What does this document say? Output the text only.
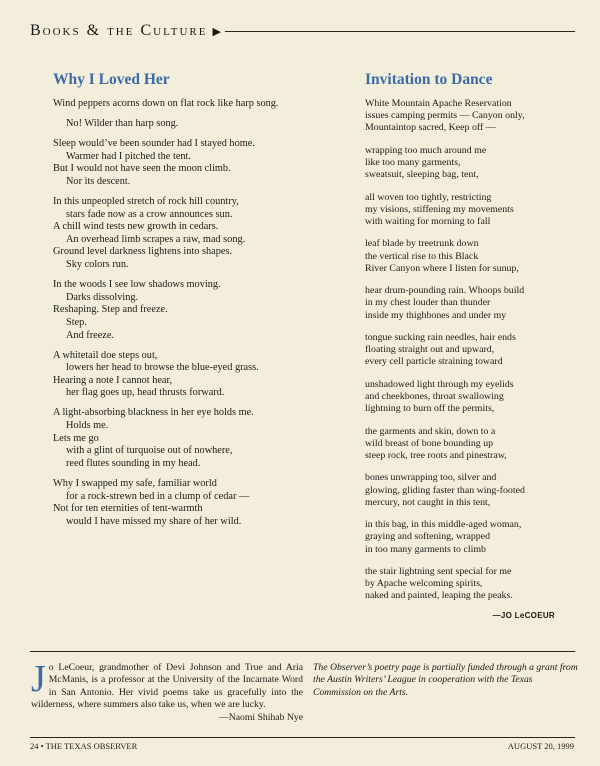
Books & the Culture ▶
Why I Loved Her
Wind peppers acorns down on flat rock like harp song.
No! Wilder than harp song.
Sleep would’ve been sounder had I stayed home.
Warmer had I pitched the tent.
But I would not have seen the moon climb.
Nor its descent.
In this unpeopled stretch of rock hill country,
stars fade now as a crow announces sun.
A chill wind tests new growth in cedars.
An overhead limb scrapes a raw, mad song.
Ground level darkness lightens into shapes.
Sky colors run.
In the woods I see low shadows moving.
Darks dissolving.
Reshaping. Step and freeze.
Step.
And freeze.
A whitetail doe steps out,
lowers her head to browse the blue-eyed grass.
Hearing a note I cannot hear,
her flag goes up, head thrusts forward.
A light-absorbing blackness in her eye holds me.
Holds me.
Lets me go
with a glint of turquoise out of nowhere,
reed flutes sounding in my head.
Why I swapped my safe, familiar world
for a rock-strewn bed in a clump of cedar —
Not for ten eternities of tent-warmth
would I have missed my share of her wild.
Invitation to Dance
White Mountain Apache Reservation
issues camping permits — Canyon only,
Mountaintop sacred, Keep off —
wrapping too much around me
like too many garments,
sweatsuit, sleeping bag, tent,
all woven too tightly, restricting
my visions, stiffening my movements
with waiting for morning to fall
leaf blade by treetrunk down
the vertical rise to this Black
River Canyon where I listen for sunup,
hear drum-pounding rain. Whoops build
in my chest louder than thunder
inside my thighbones and under my
tongue sucking rain needles, hair ends
floating straight out and upward,
every cell particle straining toward
unshadowed light through my eyelids
and cheekbones, throat swallowing
lightning to burn off the permits,
the garments and skin, down to a
wild breast of bone bounding up
steep rock, tree roots and pinestraw,
bones unwrapping too, silver and
glowing, gliding faster than wing-footed
mercury, not caught in this tent,
in this bag, in this middle-aged woman,
graying and softening, wrapped
in too many garments to climb
the stair lightning sent special for me
by Apache welcoming spirits,
naked and painted, leaping the peaks.
—JO LeCOEUR
Jo LeCoeur, grandmother of Devi Johnson and True and Aria McManis, is a professor at the University of the Incarnate Word in San Antonio. Her vivid poems take us gracefully into the wilderness, where summers also take us, when we are lucky.
—Naomi Shihab Nye
The Observer’s poetry page is partially funded through a grant from the Austin Writers’ League in cooperation with the Texas Commission on the Arts.
24 • THE TEXAS OBSERVER	AUGUST 20, 1999
